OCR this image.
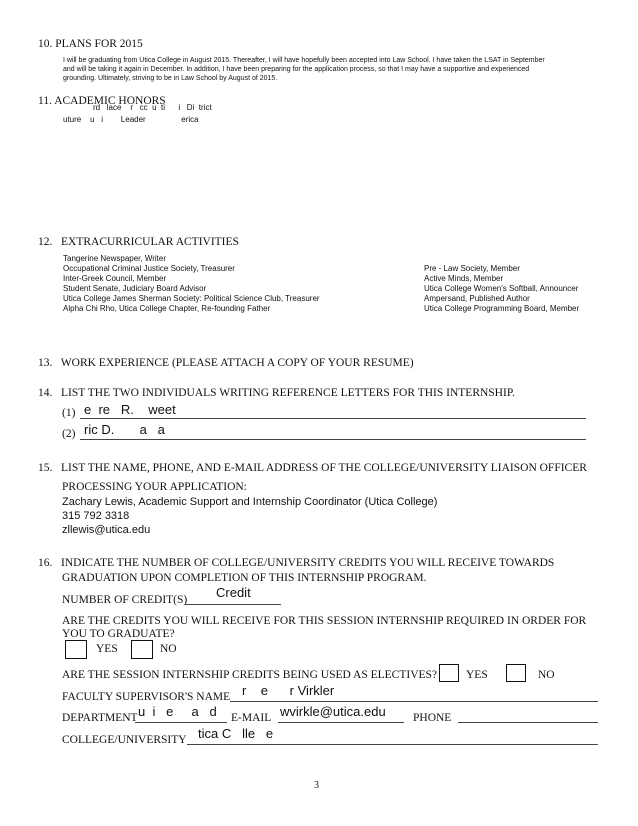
10. PLANS FOR 2015
I will be graduating from Utica College in August 2015. Thereafter, I will have hopefully been accepted into Law School. I have taken the LSAT in September
and will be taking it again in December. In addition, I have been preparing for the application process, so that I may have a supportive and experienced
grounding. Ultimately, striving to be in Law School by August of 2015.
11. ACADEMIC HONORS
rd   lace    r   cc  u  ti      i   Di  trict
uture    u   i        Leader                erica
12.   EXTRACURRICULAR ACTIVITIES
Tangerine Newspaper, Writer
Occupational Criminal Justice Society, Treasurer
Inter-Greek Council, Member
Student Senate, Judiciary Board Advisor
Utica College James Sherman Society: Political Science Club, Treasurer
Alpha Chi Rho, Utica College Chapter, Re-founding Father
Pre - Law Society, Member
Active Minds, Member
Utica College Women's Softball, Announcer
Ampersand, Published Author
Utica College Programming Board, Member
13.   WORK EXPERIENCE (PLEASE ATTACH A COPY OF YOUR RESUME)
14.   LIST THE TWO INDIVIDUALS WRITING REFERENCE LETTERS FOR THIS INTERNSHIP.
(1) e  re   R.    weet
(2) ric D.       a   a
15.   LIST THE NAME, PHONE, AND E-MAIL ADDRESS OF THE COLLEGE/UNIVERSITY LIAISON OFFICER
PROCESSING YOUR APPLICATION:
Zachary Lewis, Academic Support and Internship Coordinator (Utica College)
315 792 3318
zllewis@utica.edu
16.   INDICATE THE NUMBER OF COLLEGE/UNIVERSITY CREDITS YOU WILL RECEIVE TOWARDS
GRADUATION UPON COMPLETION OF THIS INTERNSHIP PROGRAM.
NUMBER OF CREDIT(S) Credit
ARE THE CREDITS YOU WILL RECEIVE FOR THIS SESSION INTERNSHIP REQUIRED IN ORDER FOR
YOU TO GRADUATE?
YES	NO
ARE THE SESSION INTERNSHIP CREDITS BEING USED AS ELECTIVES?	YES	NO
FACULTY SUPERVISOR'S NAME r    e      r Virkler
DEPARTMENT u  i   e     a   d E-MAIL wvirkle@utica.edu PHONE
COLLEGE/UNIVERSITY tica C   lle   e
3
